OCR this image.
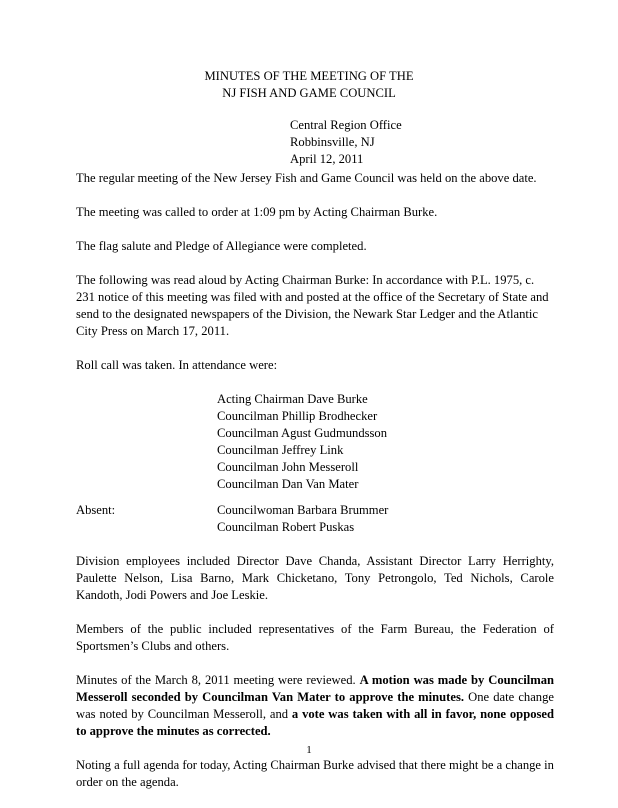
MINUTES OF THE MEETING OF THE
NJ FISH AND GAME COUNCIL
Central Region Office
Robbinsville, NJ
April 12, 2011

The regular meeting of the New Jersey Fish and Game Council was held on the above date.

The meeting was called to order at 1:09 pm by Acting Chairman Burke.

The flag salute and Pledge of Allegiance were completed.

The following was read aloud by Acting Chairman Burke: In accordance with P.L. 1975, c. 231 notice of this meeting was filed with and posted at the office of the Secretary of State and send to the designated newspapers of the Division, the Newark Star Ledger and the Atlantic City Press on March 17, 2011.

Roll call was taken. In attendance were:

Acting Chairman Dave Burke
Councilman Phillip Brodhecker
Councilman Agust Gudmundsson
Councilman Jeffrey Link
Councilman John Messeroll
Councilman Dan Van Mater
Absent:	Councilwoman Barbara Brummer
Councilman Robert Puskas

Division employees included Director Dave Chanda, Assistant Director Larry Herrighty, Paulette Nelson, Lisa Barno, Mark Chicketano, Tony Petrongolo, Ted Nichols, Carole Kandoth, Jodi Powers and Joe Leskie.

Members of the public included representatives of the Farm Bureau, the Federation of Sportsmen’s Clubs and others.

Minutes of the March 8, 2011 meeting were reviewed. A motion was made by Councilman Messeroll seconded by Councilman Van Mater to approve the minutes. One date change was noted by Councilman Messeroll, and a vote was taken with all in favor, none opposed to approve the minutes as corrected.

Noting a full agenda for today, Acting Chairman Burke advised that there might be a change in order on the agenda.

1
